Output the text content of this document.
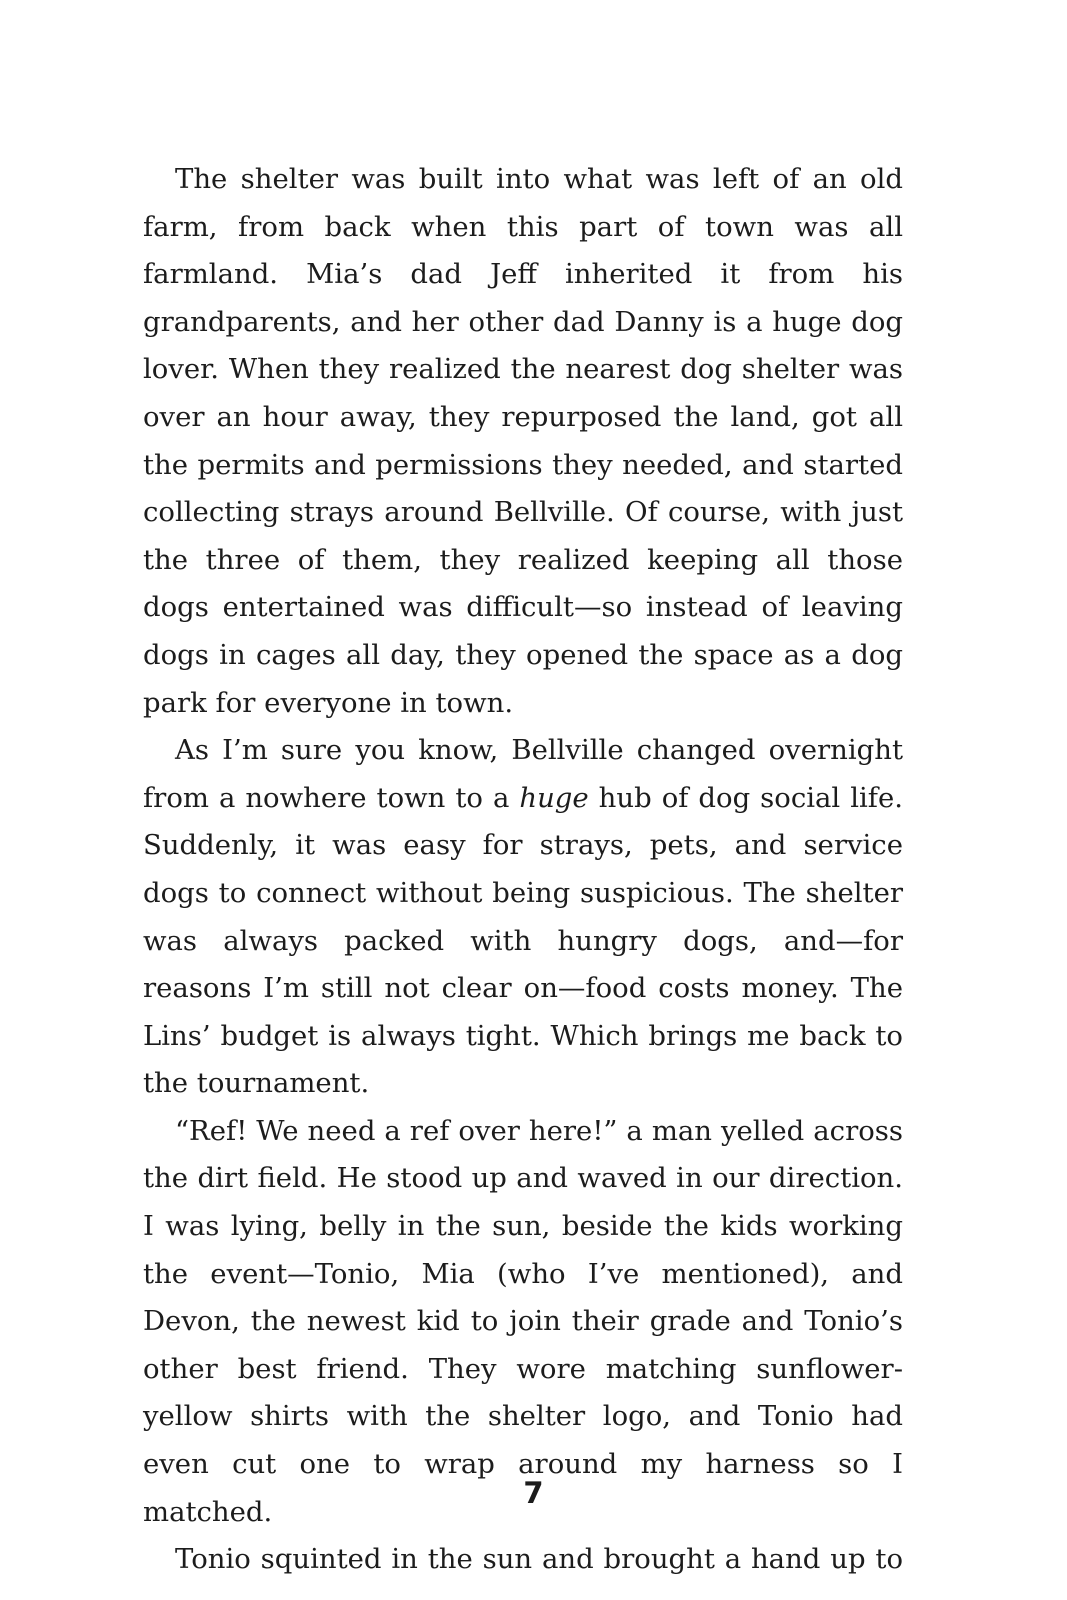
The shelter was built into what was left of an old farm, from back when this part of town was all farmland. Mia’s dad Jeff inherited it from his grandparents, and her other dad Danny is a huge dog lover. When they realized the nearest dog shelter was over an hour away, they repurposed the land, got all the permits and permissions they needed, and started collecting strays around Bellville. Of course, with just the three of them, they realized keeping all those dogs entertained was difficult—so instead of leaving dogs in cages all day, they opened the space as a dog park for everyone in town.

As I’m sure you know, Bellville changed overnight from a nowhere town to a huge hub of dog social life. Suddenly, it was easy for strays, pets, and service dogs to connect without being suspicious. The shelter was always packed with hungry dogs, and—for reasons I’m still not clear on—food costs money. The Lins’ budget is always tight. Which brings me back to the tournament.

“Ref! We need a ref over here!” a man yelled across the dirt field. He stood up and waved in our direction. I was lying, belly in the sun, beside the kids working the event—Tonio, Mia (who I’ve mentioned), and Devon, the newest kid to join their grade and Tonio’s other best friend. They wore matching sunflower-yellow shirts with the shelter logo, and Tonio had even cut one to wrap around my harness so I matched.

Tonio squinted in the sun and brought a hand up to

7
